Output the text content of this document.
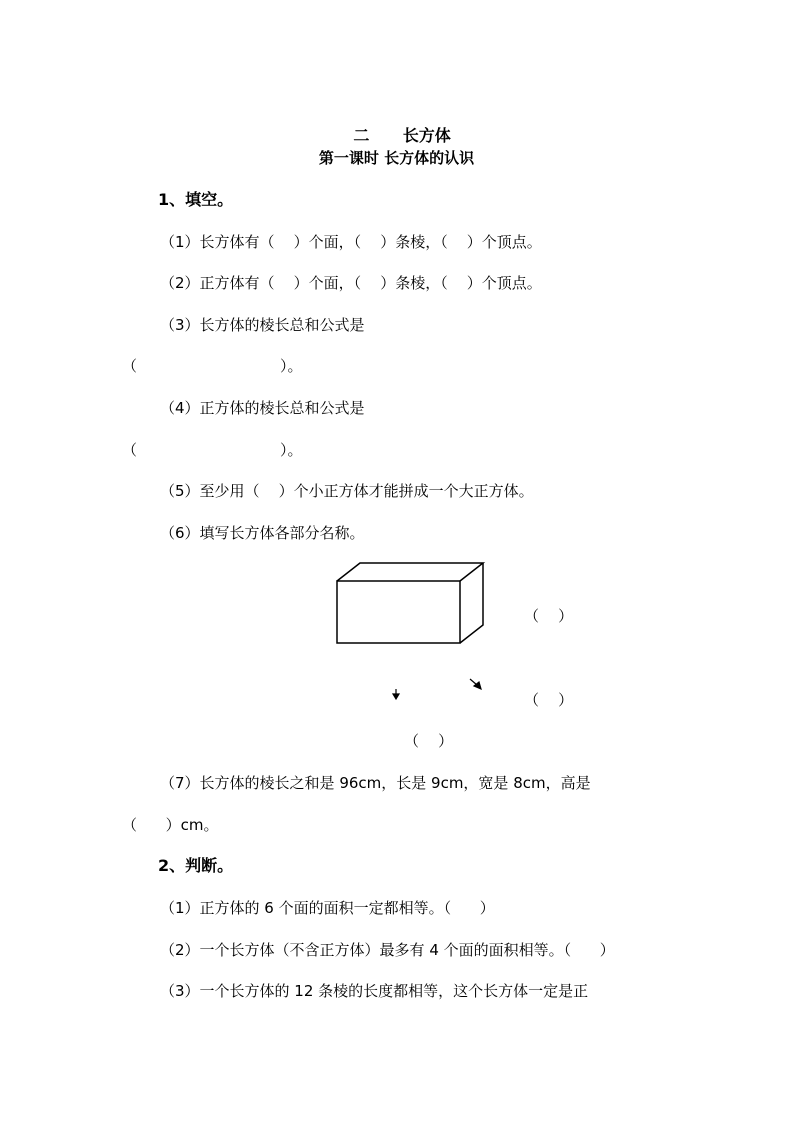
二 长方体

第一课时 长方体的认识
1、填空。
（1）长方体有（    ）个面，（    ）条棱，（    ）个顶点。
（2）正方体有（    ）个面，（    ）条棱，（    ）个顶点。
（3）长方体的棱长总和公式是
（                              ）。
（4）正方体的棱长总和公式是
（                              ）。
（5）至少用（    ）个小正方体才能拼成一个大正方体。
（6）填写长方体各部分名称。
（    ）
（    ）
（    ）
（7）长方体的棱长之和是 96cm，长是 9cm，宽是 8cm，高是
（      ）cm。
2、判断。
（1）正方体的 6 个面的面积一定都相等。（      ）
（2）一个长方体（不含正方体）最多有 4 个面的面积相等。（      ）
（3）一个长方体的 12 条棱的长度都相等，这个长方体一定是正
